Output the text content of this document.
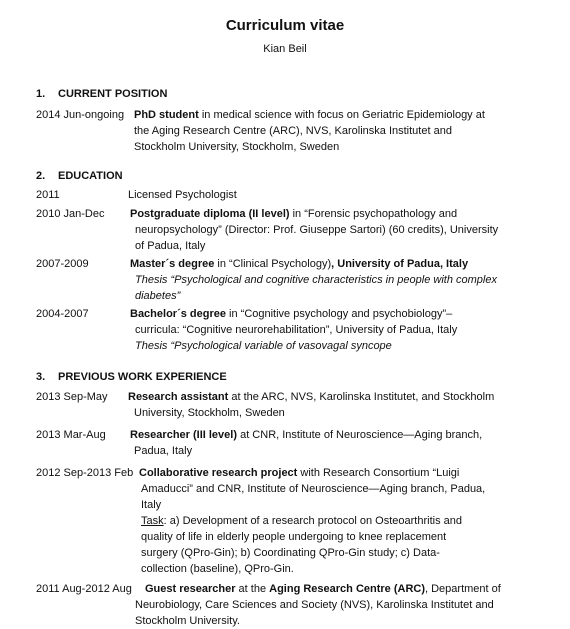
Curriculum vitae
Kian Beil
1. CURRENT POSITION
2014 Jun-ongoing PhD student in medical science with focus on Geriatric Epidemiology at
the Aging Research Centre (ARC), NVS, Karolinska Institutet and
Stockholm University, Stockholm, Sweden
2. EDUCATION
2011	Licensed Psychologist
2010 Jan-Dec Postgraduate diploma (II level) in “Forensic psychopathology and
neuropsychology” (Director: Prof. Giuseppe Sartori) (60 credits), University
of Padua, Italy
2007-2009	Master´s degree in “Clinical Psychology), University of Padua, Italy
Thesis “Psychological and cognitive characteristics in people with complex
diabetes”
2004-2007	Bachelor´s degree in “Cognitive psychology and psychobiology”–
curricula: “Cognitive neurorehabilitation”, University of Padua, Italy
Thesis “Psychological variable of vasovagal syncope
3. PREVIOUS WORK EXPERIENCE
2013 Sep-May Research assistant at the ARC, NVS, Karolinska Institutet, and Stockholm
University, Stockholm, Sweden
2013 Mar-Aug Researcher (III level) at CNR, Institute of Neuroscience—Aging branch,
Padua, Italy
2012 Sep-2013 Feb Collaborative research project with Research Consortium “Luigi
Amaducci” and CNR, Institute of Neuroscience—Aging branch, Padua,
Italy
Task: a) Development of a research protocol on Osteoarthritis and
quality of life in elderly people undergoing to knee replacement
surgery (QPro-Gin); b) Coordinating QPro-Gin study; c) Data-
collection (baseline), QPro-Gin.
2011 Aug-2012 Aug Guest researcher at the Aging Research Centre (ARC), Department of
Neurobiology, Care Sciences and Society (NVS), Karolinska Institutet and
Stockholm University.
